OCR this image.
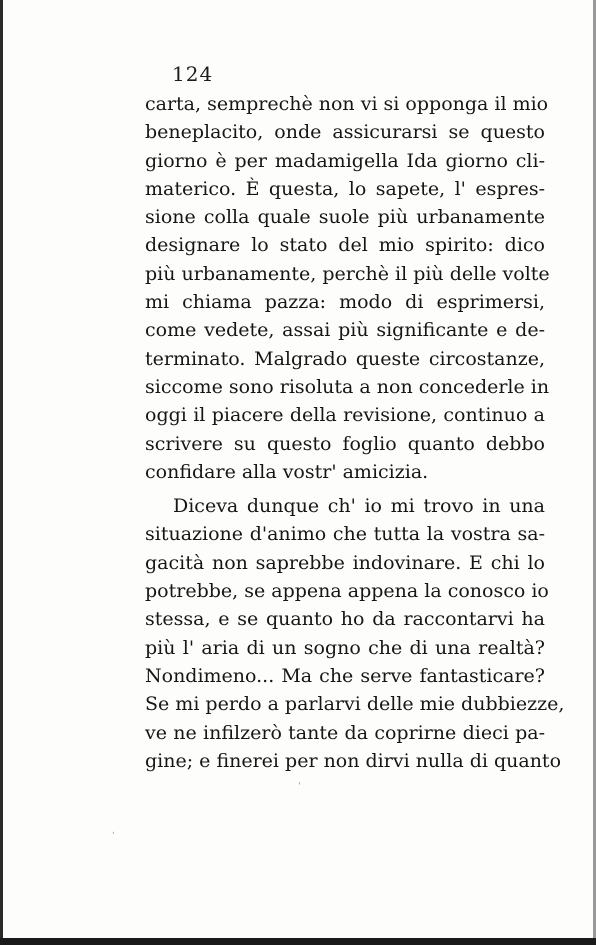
124
carta, semprechè non vi si opponga il mio
beneplacito, onde assicurarsi se questo
giorno è per madamigella Ida giorno cli-
materico. È questa, lo sapete, l' espres-
sione colla quale suole più urbanamente
designare lo stato del mio spirito: dico
più urbanamente, perchè il più delle volte
mi chiama pazza: modo di esprimersi,
come vedete, assai più significante e de-
terminato. Malgrado queste circostanze,
siccome sono risoluta a non concederle in
oggi il piacere della revisione, continuo a
scrivere su questo foglio quanto debbo
confidare alla vostr' amicizia.
Diceva dunque ch' io mi trovo in una
situazione d'animo che tutta la vostra sa-
gacità non saprebbe indovinare. E chi lo
potrebbe, se appena appena la conosco io
stessa, e se quanto ho da raccontarvi ha
più l' aria di un sogno che di una realtà?
Nondimeno... Ma che serve fantasticare?
Se mi perdo a parlarvi delle mie dubbiezze,
ve ne infilzerò tante da coprirne dieci pa-
gine; e finerei per non dirvi nulla di quanto
ˈ
ˈ
